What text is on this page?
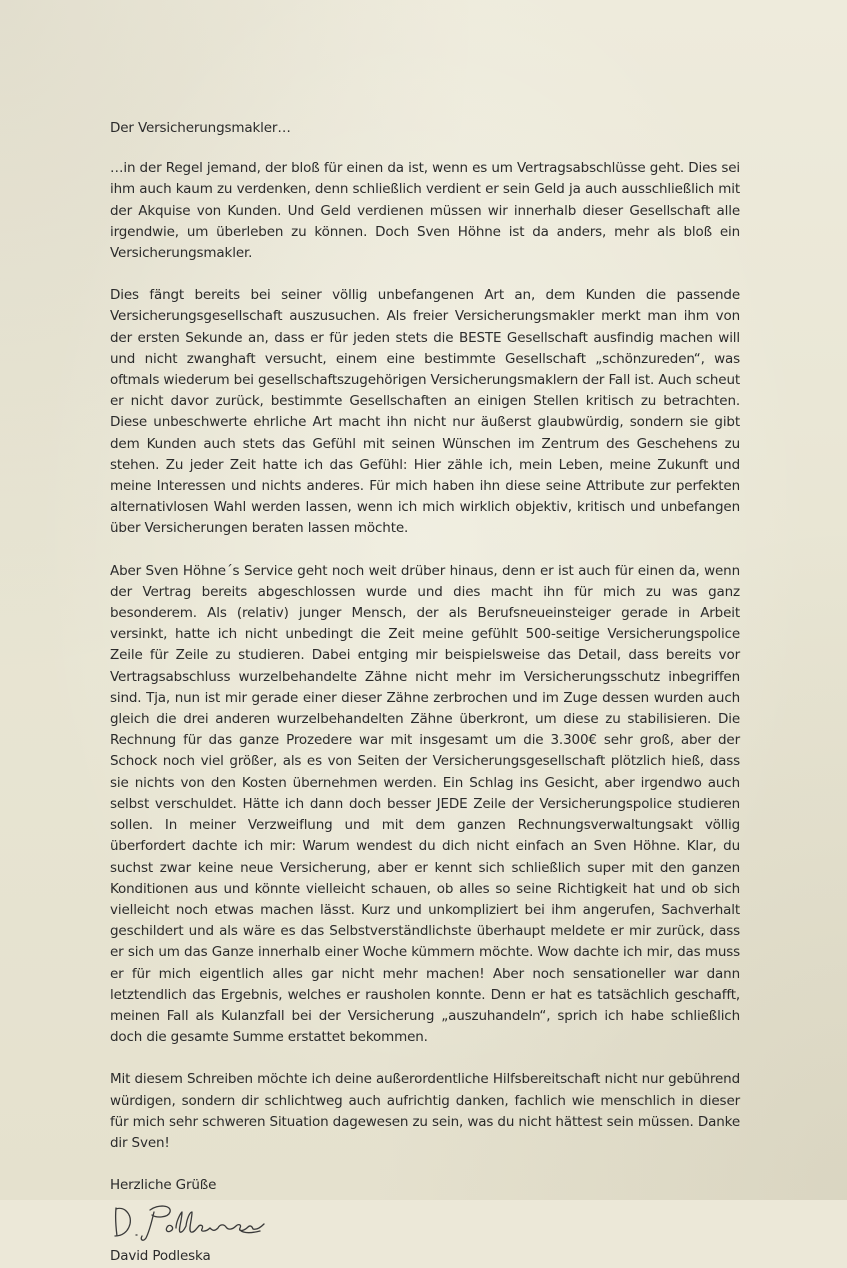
Der Versicherungsmakler…

…in der Regel jemand, der bloß für einen da ist, wenn es um Vertragsabschlüsse geht. Dies sei ihm auch kaum zu verdenken, denn schließlich verdient er sein Geld ja auch ausschließlich mit der Akquise von Kunden. Und Geld verdienen müssen wir innerhalb dieser Gesellschaft alle irgendwie, um überleben zu können. Doch Sven Höhne ist da anders, mehr als bloß ein Versicherungsmakler.

Dies fängt bereits bei seiner völlig unbefangenen Art an, dem Kunden die passende Versicherungsgesellschaft auszusuchen. Als freier Versicherungsmakler merkt man ihm von der ersten Sekunde an, dass er für jeden stets die BESTE Gesellschaft ausfindig machen will und nicht zwanghaft versucht, einem eine bestimmte Gesellschaft „schönzureden“, was oftmals wiederum bei gesellschaftszugehörigen Versicherungsmaklern der Fall ist. Auch scheut er nicht davor zurück, bestimmte Gesellschaften an einigen Stellen kritisch zu betrachten. Diese unbeschwerte ehrliche Art macht ihn nicht nur äußerst glaubwürdig, sondern sie gibt dem Kunden auch stets das Gefühl mit seinen Wünschen im Zentrum des Geschehens zu stehen. Zu jeder Zeit hatte ich das Gefühl: Hier zähle ich, mein Leben, meine Zukunft und meine Interessen und nichts anderes. Für mich haben ihn diese seine Attribute zur perfekten alternativlosen Wahl werden lassen, wenn ich mich wirklich objektiv, kritisch und unbefangen über Versicherungen beraten lassen möchte.

Aber Sven Höhne´s Service geht noch weit drüber hinaus, denn er ist auch für einen da, wenn der Vertrag bereits abgeschlossen wurde und dies macht ihn für mich zu was ganz besonderem. Als (relativ) junger Mensch, der als Berufsneueinsteiger gerade in Arbeit versinkt, hatte ich nicht unbedingt die Zeit meine gefühlt 500-seitige Versicherungspolice Zeile für Zeile zu studieren. Dabei entging mir beispielsweise das Detail, dass bereits vor Vertragsabschluss wurzelbehandelte Zähne nicht mehr im Versicherungsschutz inbegriffen sind. Tja, nun ist mir gerade einer dieser Zähne zerbrochen und im Zuge dessen wurden auch gleich die drei anderen wurzelbehandelten Zähne überkront, um diese zu stabilisieren. Die Rechnung für das ganze Prozedere war mit insgesamt um die 3.300€ sehr groß, aber der Schock noch viel größer, als es von Seiten der Versicherungsgesellschaft plötzlich hieß, dass sie nichts von den Kosten übernehmen werden. Ein Schlag ins Gesicht, aber irgendwo auch selbst verschuldet. Hätte ich dann doch besser JEDE Zeile der Versicherungspolice studieren sollen. In meiner Verzweiflung und mit dem ganzen Rechnungsverwaltungsakt völlig überfordert dachte ich mir: Warum wendest du dich nicht einfach an Sven Höhne. Klar, du suchst zwar keine neue Versicherung, aber er kennt sich schließlich super mit den ganzen Konditionen aus und könnte vielleicht schauen, ob alles so seine Richtigkeit hat und ob sich vielleicht noch etwas machen lässt. Kurz und unkompliziert bei ihm angerufen, Sachverhalt geschildert und als wäre es das Selbstverständlichste überhaupt meldete er mir zurück, dass er sich um das Ganze innerhalb einer Woche kümmern möchte. Wow dachte ich mir, das muss er für mich eigentlich alles gar nicht mehr machen! Aber noch sensationeller war dann letztendlich das Ergebnis, welches er rausholen konnte. Denn er hat es tatsächlich geschafft, meinen Fall als Kulanzfall bei der Versicherung „auszuhandeln“, sprich ich habe schließlich doch die gesamte Summe erstattet bekommen.

Mit diesem Schreiben möchte ich deine außerordentliche Hilfsbereitschaft nicht nur gebührend würdigen, sondern dir schlichtweg auch aufrichtig danken, fachlich wie menschlich in dieser für mich sehr schweren Situation dagewesen zu sein, was du nicht hättest sein müssen. Danke dir Sven!

Herzliche Grüße

David Podleska
